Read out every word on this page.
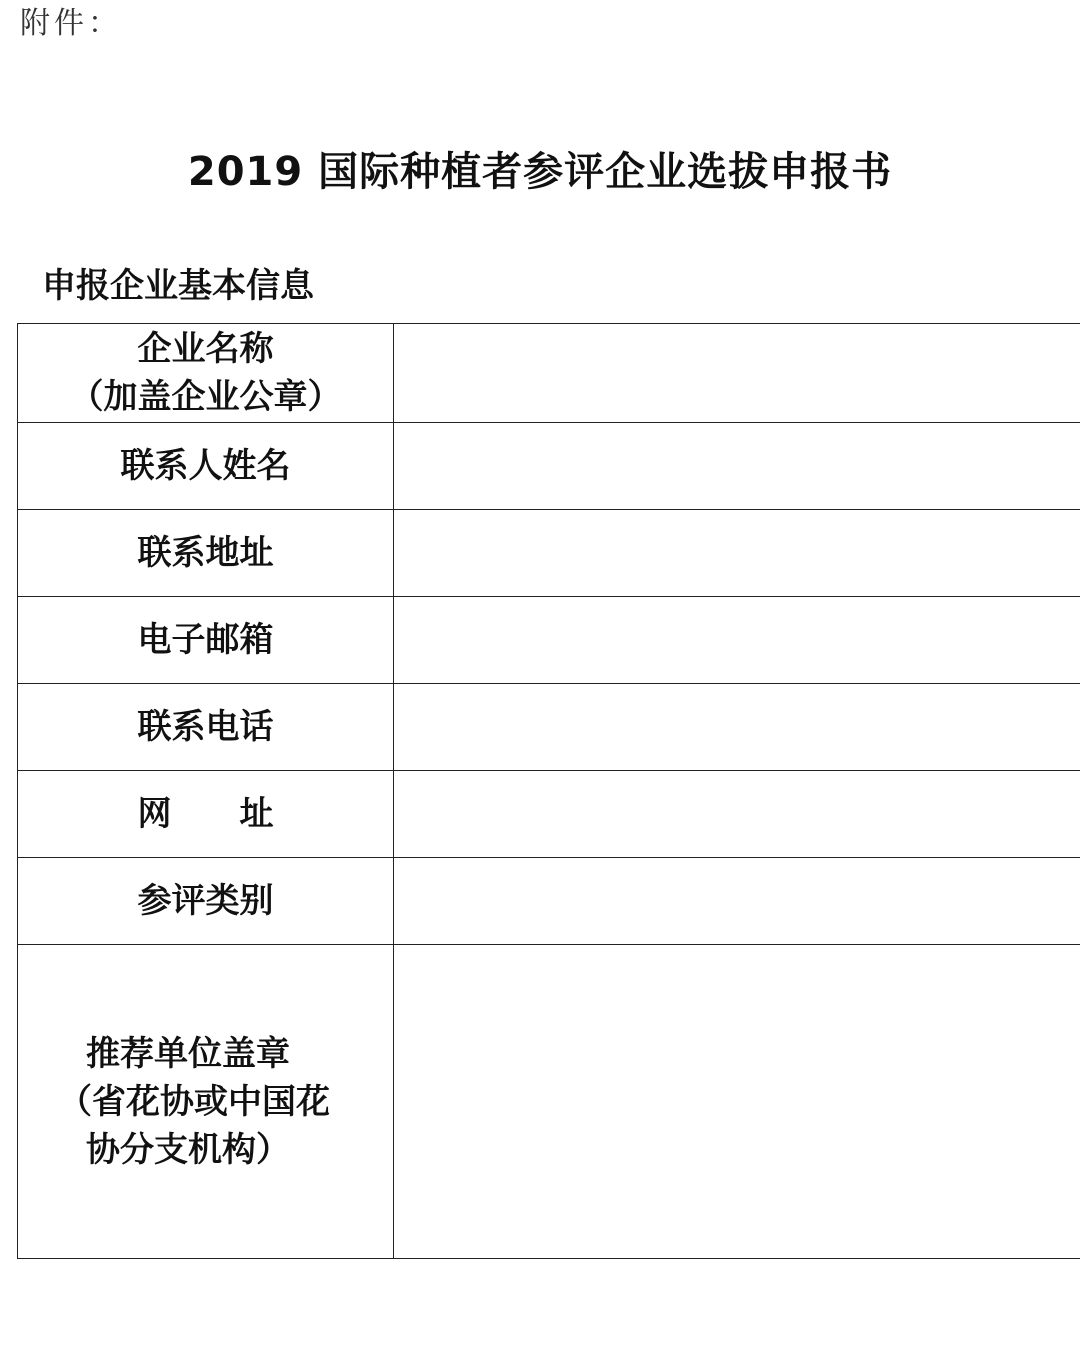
附件：
2019 国际种植者参评企业选拔申报书
申报企业基本信息
企业名称
（加盖企业公章）	

联系人姓名	

联系地址	

电子邮箱	

联系电话	

网　　址	

参评类别	

推荐单位盖章
（省花协或中国花
协分支机构）	
